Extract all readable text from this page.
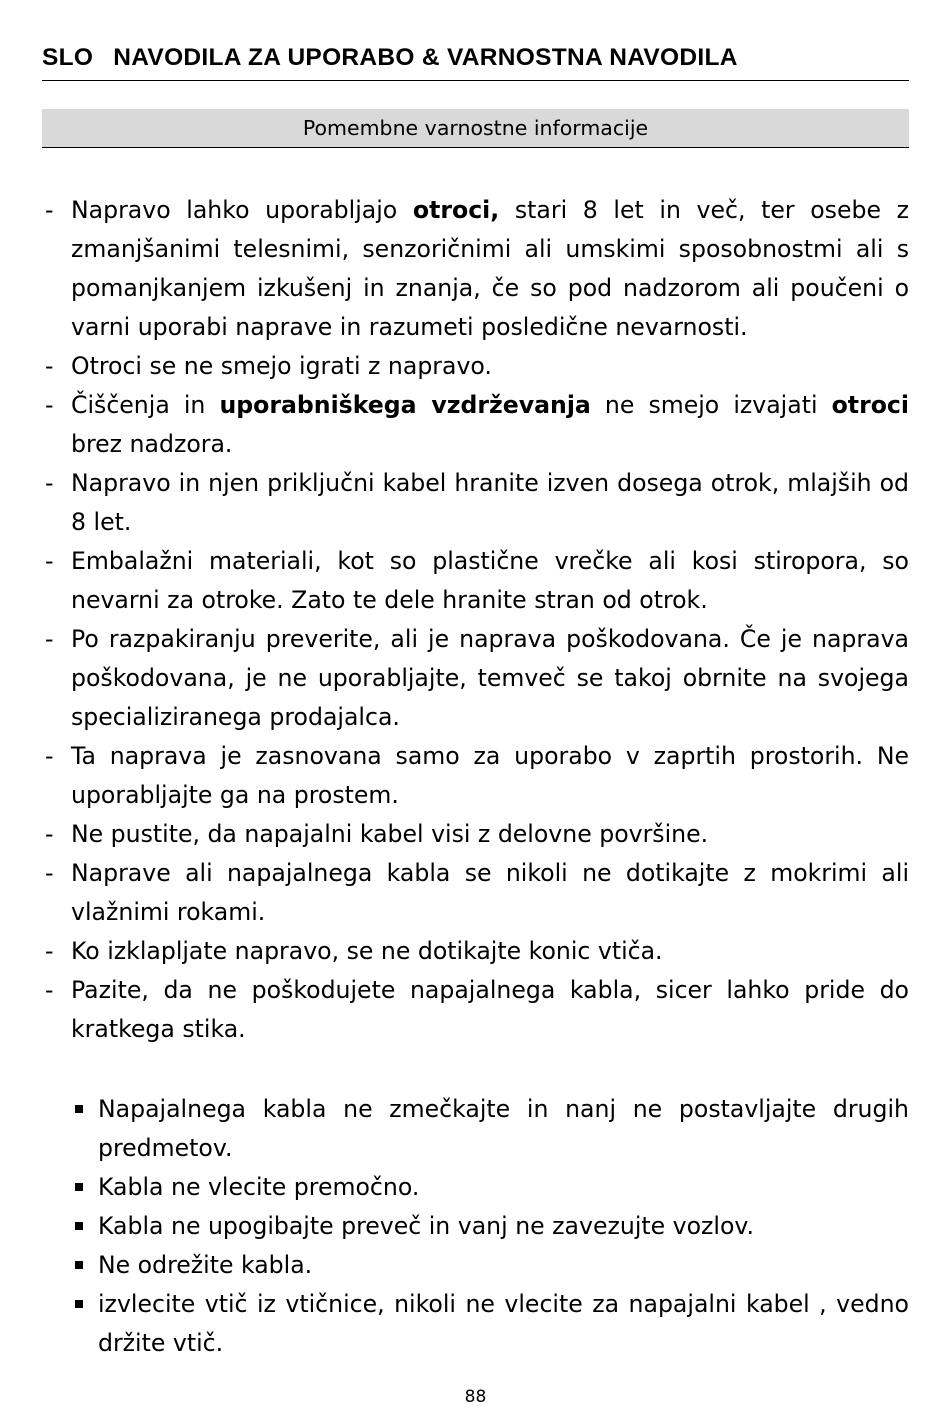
SLO NAVODILA ZA UPORABO & VARNOSTNA NAVODILA
Pomembne varnostne informacije
- Napravo lahko uporabljajo otroci, stari 8 let in več, ter osebe z zmanjšanimi telesnimi, senzoričnimi ali umskimi sposobnostmi ali s pomanjkanjem izkušenj in znanja, če so pod nadzorom ali poučeni o varni uporabi naprave in razumeti posledične nevarnosti.
- Otroci se ne smejo igrati z napravo.
- Čiščenja in uporabniškega vzdrževanja ne smejo izvajati otroci brez nadzora.
- Napravo in njen priključni kabel hranite izven dosega otrok, mlajših od 8 let.
- Embalažni materiali, kot so plastične vrečke ali kosi stiropora, so nevarni za otroke. Zato te dele hranite stran od otrok.
- Po razpakiranju preverite, ali je naprava poškodovana. Če je naprava poškodovana, je ne uporabljajte, temveč se takoj obrnite na svojega specializiranega prodajalca.
- Ta naprava je zasnovana samo za uporabo v zaprtih prostorih. Ne uporabljajte ga na prostem.
- Ne pustite, da napajalni kabel visi z delovne površine.
- Naprave ali napajalnega kabla se nikoli ne dotikajte z mokrimi ali vlažnimi rokami.
- Ko izklapljate napravo, se ne dotikajte konic vtiča.
- Pazite, da ne poškodujete napajalnega kabla, sicer lahko pride do kratkega stika.
Napajalnega kabla ne zmečkajte in nanj ne postavljajte drugih predmetov.
Kabla ne vlecite premočno.
Kabla ne upogibajte preveč in vanj ne zavezujte vozlov.
Ne odrežite kabla.
izvlecite vtič iz vtičnice, nikoli ne vlecite za napajalni kabel , vedno držite vtič.
88
